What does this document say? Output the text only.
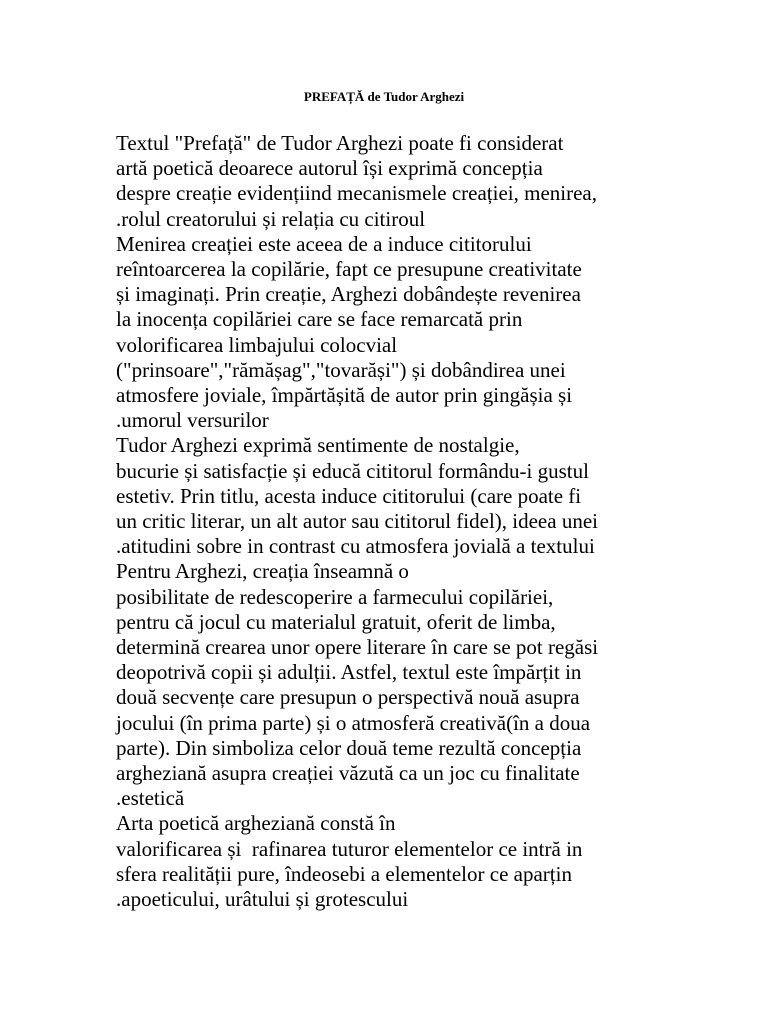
PREFAȚĂ de Tudor Arghezi
Textul "Prefață" de Tudor Arghezi poate fi considerat
artă poetică deoarece autorul își exprimă concepția
despre creație evidențiind mecanismele creației, menirea,
.rolul creatorului și relația cu citiroul
Menirea creației este aceea de a induce cititorului
reîntoarcerea la copilărie, fapt ce presupune creativitate
și imaginați. Prin creație, Arghezi dobândește revenirea
la inocența copilăriei care se face remarcată prin
volorificarea limbajului colocvial
("prinsoare","rămășag","tovarăși") și dobândirea unei
atmosfere joviale, împărtășită de autor prin gingășia și
.umorul versurilor
Tudor Arghezi exprimă sentimente de nostalgie,
bucurie și satisfacție și educă cititorul formându-i gustul
estetiv. Prin titlu, acesta induce cititorului (care poate fi
un critic literar, un alt autor sau cititorul fidel), ideea unei
.atitudini sobre in contrast cu atmosfera jovială a textului
Pentru Arghezi, creația înseamnă o
posibilitate de redescoperire a farmecului copilăriei,
pentru că jocul cu materialul gratuit, oferit de limba,
determină crearea unor opere literare în care se pot regăsi
deopotrivă copii și adulții. Astfel, textul este împărțit in
două secvențe care presupun o perspectivă nouă asupra
jocului (în prima parte) și o atmosferă creativă(în a doua
parte). Din simboliza celor două teme rezultă concepția
argheziană asupra creației văzută ca un joc cu finalitate
.estetică
Arta poetică argheziană constă în
valorificarea și  rafinarea tuturor elementelor ce intră in
sfera realității pure, îndeosebi a elementelor ce aparțin
.apoeticului, urâtului și grotescului
